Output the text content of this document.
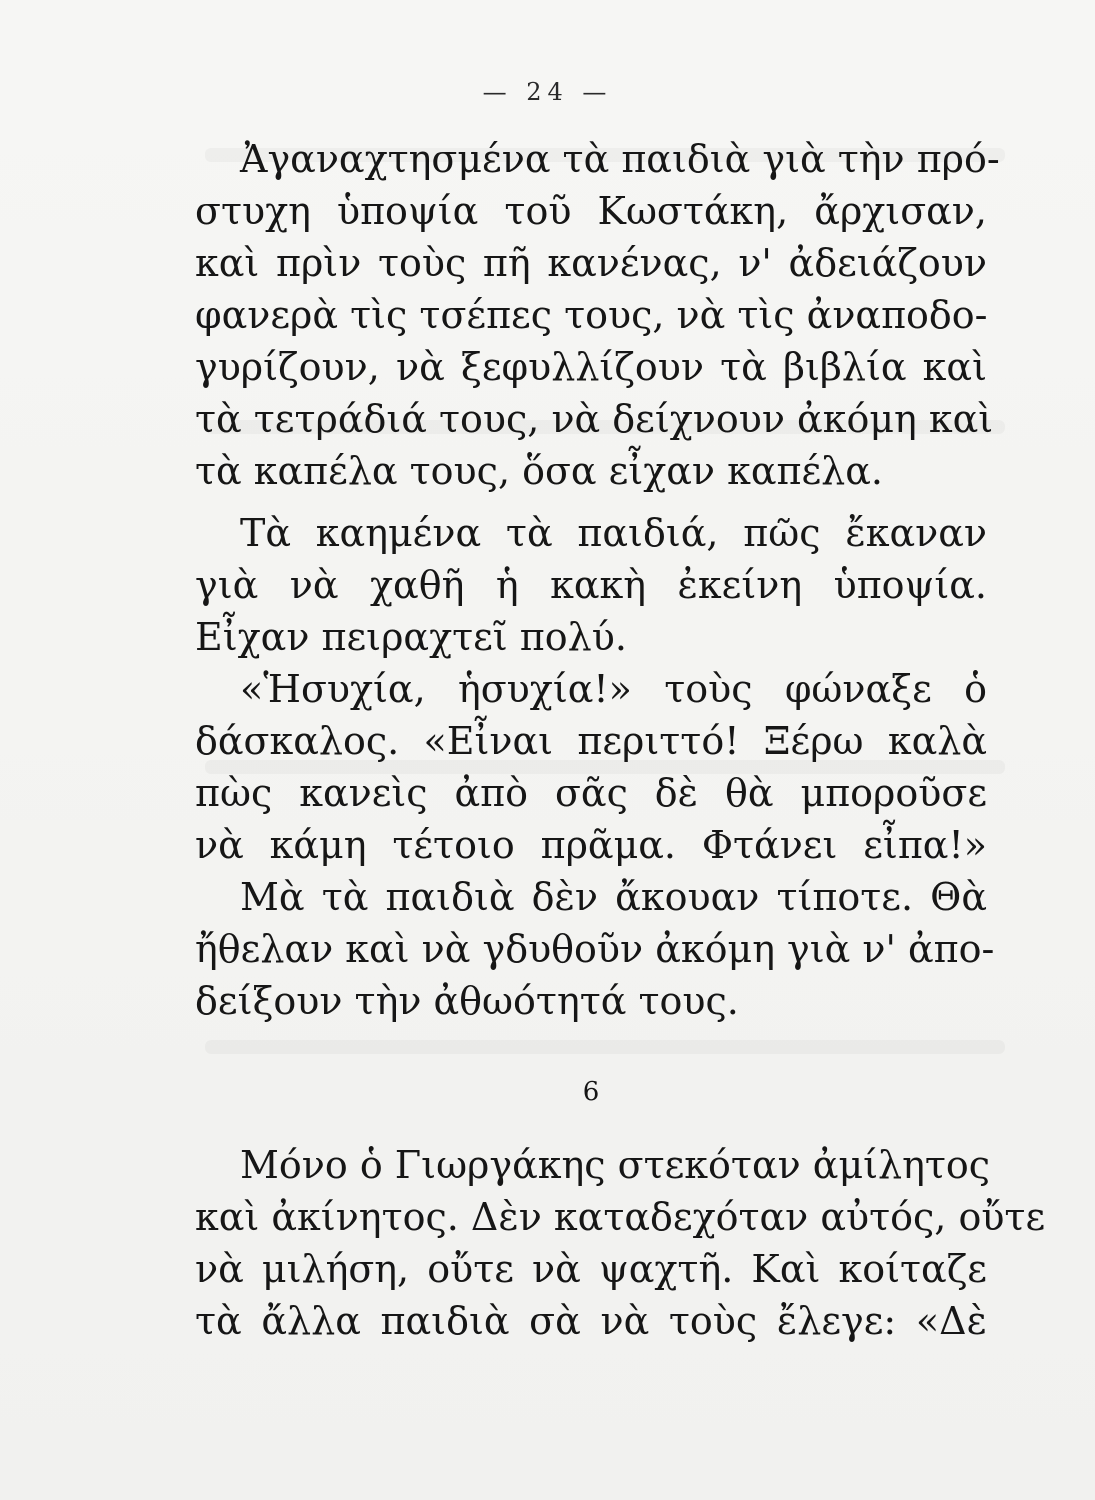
— 24 —
Ἀγαναχτησμένα τὰ παιδιὰ γιὰ τὴν πρό-
στυχη ὑποψία τοῦ Κωστάκη, ἄρχισαν,
καὶ πρὶν τοὺς πῆ κανένας, ν' ἀδειάζουν
φανερὰ τὶς τσέπες τους, νὰ τὶς ἀναποδο-
γυρίζουν, νὰ ξεφυλλίζουν τὰ βιβλία καὶ
τὰ τετράδιά τους, νὰ δείχνουν ἀκόμη καὶ
τὰ καπέλα τους, ὅσα εἶχαν καπέλα.
Τὰ καημένα τὰ παιδιά, πῶς ἔκαναν
γιὰ νὰ χαθῆ ἡ κακὴ ἐκείνη ὑποψία.
Εἶχαν πειραχτεῖ πολύ.
«Ἡσυχία, ἡσυχία!» τοὺς φώναξε ὁ
δάσκαλος. «Εἶναι περιττό! Ξέρω καλὰ
πὼς κανεὶς ἀπὸ σᾶς δὲ θὰ μποροῦσε
νὰ κάμη τέτοιο πρᾶμα. Φτάνει εἶπα!»
Μὰ τὰ παιδιὰ δὲν ἄκουαν τίποτε. Θὰ
ἤθελαν καὶ νὰ γδυθοῦν ἀκόμη γιὰ ν' ἀπο-
δείξουν τὴν ἀθωότητά τους.
6
Μόνο ὁ Γιωργάκης στεκόταν ἀμίλητος
καὶ ἀκίνητος. Δὲν καταδεχόταν αὐτός, οὔτε
νὰ μιλήση, οὔτε νὰ ψαχτῆ. Καὶ κοίταζε
τὰ ἄλλα παιδιὰ σὰ νὰ τοὺς ἔλεγε: «Δὲ
